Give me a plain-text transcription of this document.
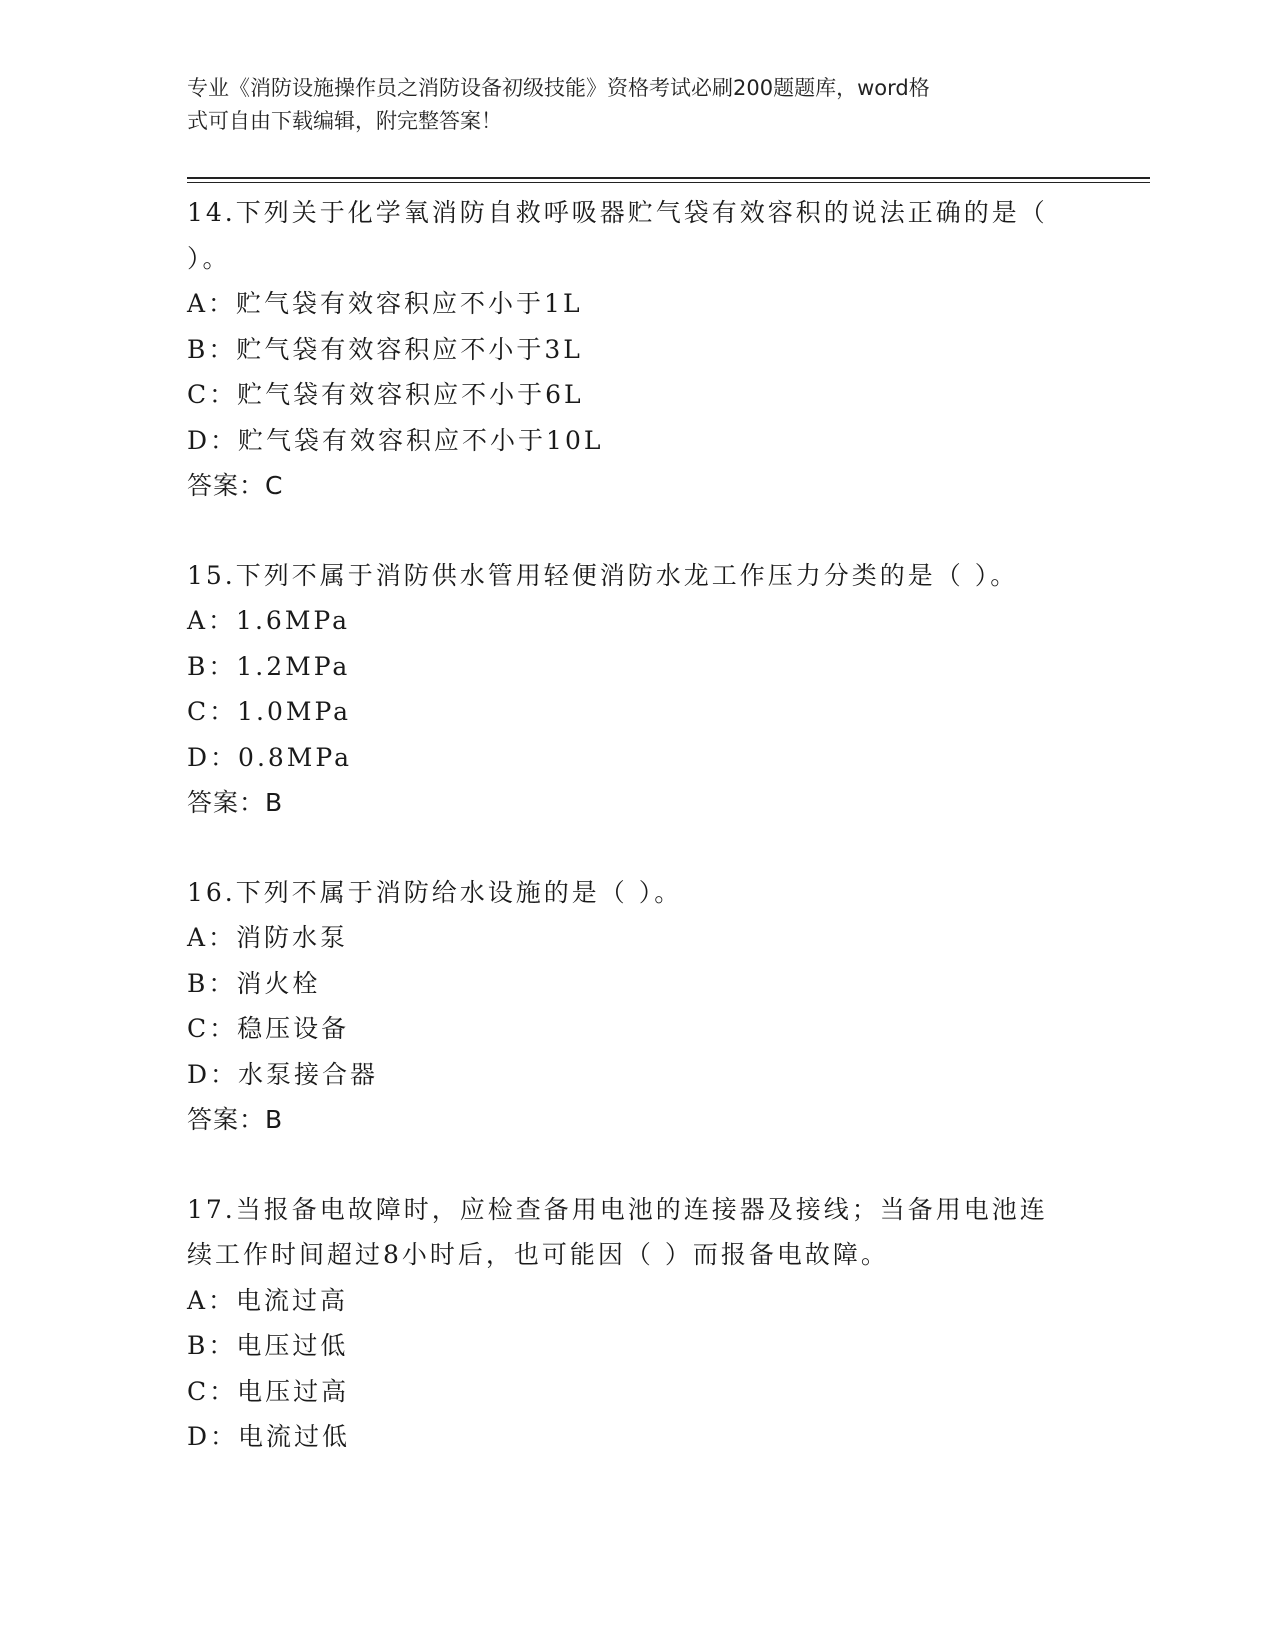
专业《消防设施操作员之消防设备初级技能》资格考试必刷200题题库，word格
式可自由下载编辑，附完整答案！
14.下列关于化学氧消防自救呼吸器贮气袋有效容积的说法正确的是（
）。
A：贮气袋有效容积应不小于1L
B：贮气袋有效容积应不小于3L
C：贮气袋有效容积应不小于6L
D：贮气袋有效容积应不小于10L
答案：C
15.下列不属于消防供水管用轻便消防水龙工作压力分类的是（ ）。
A：1.6MPa
B：1.2MPa
C：1.0MPa
D：0.8MPa
答案：B
16.下列不属于消防给水设施的是（ ）。
A：消防水泵
B：消火栓
C：稳压设备
D：水泵接合器
答案：B
17.当报备电故障时，应检查备用电池的连接器及接线；当备用电池连
续工作时间超过8小时后，也可能因（ ）而报备电故障。
A：电流过高
B：电压过低
C：电压过高
D：电流过低
